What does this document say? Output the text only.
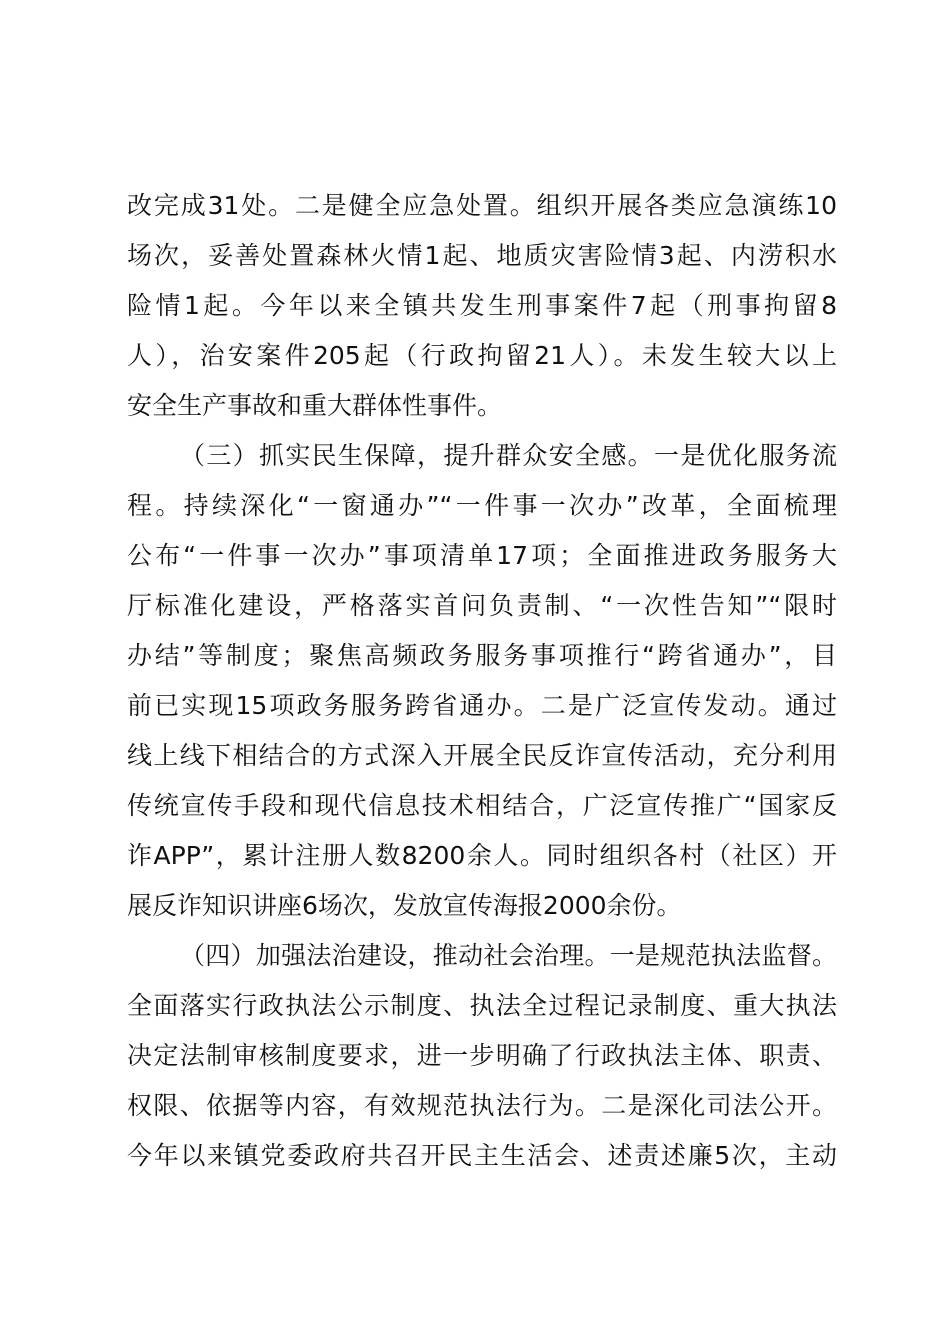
改完成31处。二是健全应急处置。组织开展各类应急演练10
场次，妥善处置森林火情1起、地质灾害险情3起、内涝积水
险情1起。今年以来全镇共发生刑事案件7起（刑事拘留8
人），治安案件205起（行政拘留21人）。未发生较大以上
安全生产事故和重大群体性事件。
（三）抓实民生保障，提升群众安全感。一是优化服务流
程。持续深化“一窗通办”“一件事一次办”改革，全面梳理
公布“一件事一次办”事项清单17项；全面推进政务服务大
厅标准化建设，严格落实首问负责制、“一次性告知”“限时
办结”等制度；聚焦高频政务服务事项推行“跨省通办”，目
前已实现15项政务服务跨省通办。二是广泛宣传发动。通过
线上线下相结合的方式深入开展全民反诈宣传活动，充分利用
传统宣传手段和现代信息技术相结合，广泛宣传推广“国家反
诈APP”，累计注册人数8200余人。同时组织各村（社区）开
展反诈知识讲座6场次，发放宣传海报2000余份。
（四）加强法治建设，推动社会治理。一是规范执法监督。
全面落实行政执法公示制度、执法全过程记录制度、重大执法
决定法制审核制度要求，进一步明确了行政执法主体、职责、
权限、依据等内容，有效规范执法行为。二是深化司法公开。
今年以来镇党委政府共召开民主生活会、述责述廉5次，主动
